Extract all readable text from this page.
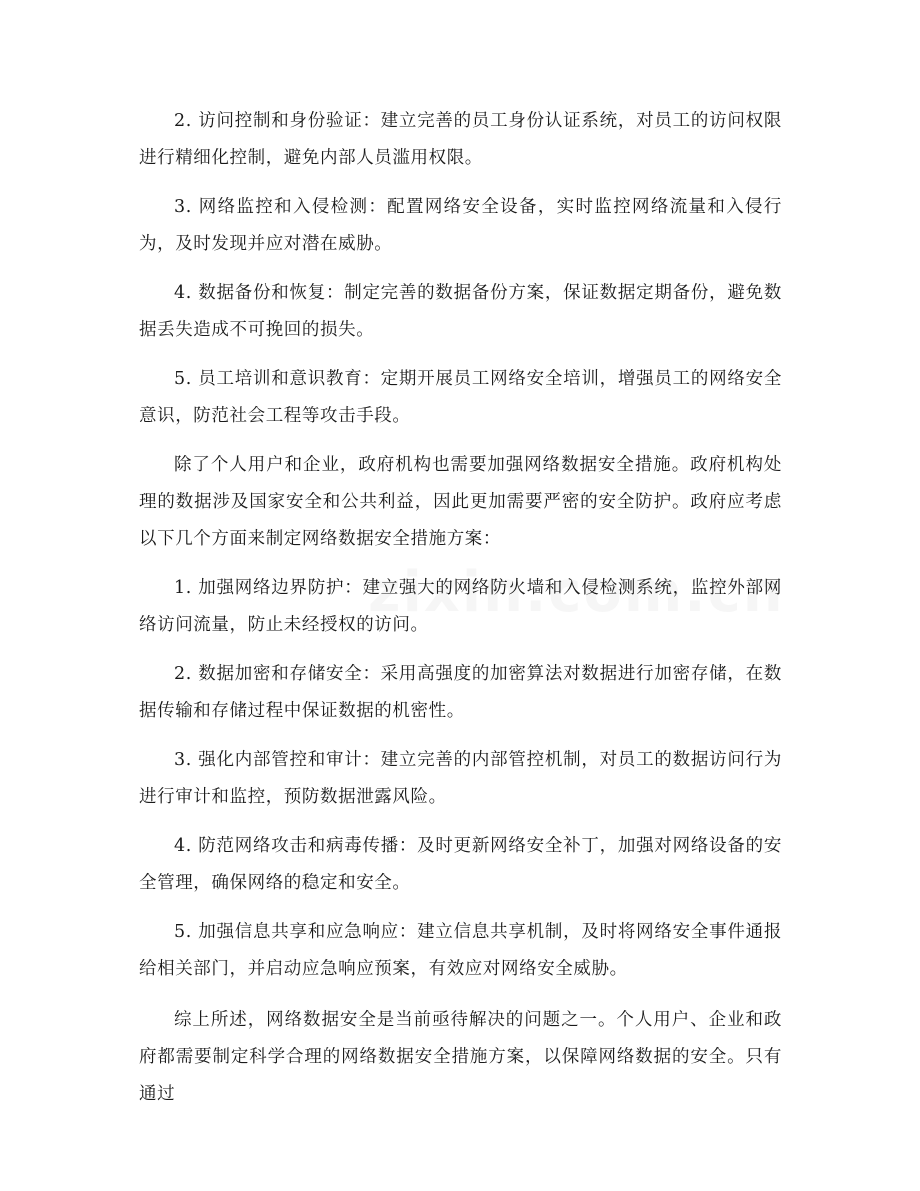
2. 访问控制和身份验证：建立完善的员工身份认证系统，对员工的访问权限进行精细化控制，避免内部人员滥用权限。

3. 网络监控和入侵检测：配置网络安全设备，实时监控网络流量和入侵行为，及时发现并应对潜在威胁。

4. 数据备份和恢复：制定完善的数据备份方案，保证数据定期备份，避免数据丢失造成不可挽回的损失。

5. 员工培训和意识教育：定期开展员工网络安全培训，增强员工的网络安全意识，防范社会工程等攻击手段。

除了个人用户和企业，政府机构也需要加强网络数据安全措施。政府机构处理的数据涉及国家安全和公共利益，因此更加需要严密的安全防护。政府应考虑以下几个方面来制定网络数据安全措施方案：

1. 加强网络边界防护：建立强大的网络防火墙和入侵检测系统，监控外部网络访问流量，防止未经授权的访问。

2. 数据加密和存储安全：采用高强度的加密算法对数据进行加密存储，在数据传输和存储过程中保证数据的机密性。

3. 强化内部管控和审计：建立完善的内部管控机制，对员工的数据访问行为进行审计和监控，预防数据泄露风险。

4. 防范网络攻击和病毒传播：及时更新网络安全补丁，加强对网络设备的安全管理，确保网络的稳定和安全。

5. 加强信息共享和应急响应：建立信息共享机制，及时将网络安全事件通报给相关部门，并启动应急响应预案，有效应对网络安全威胁。

综上所述，网络数据安全是当前亟待解决的问题之一。个人用户、企业和政府都需要制定科学合理的网络数据安全措施方案，以保障网络数据的安全。只有通过
